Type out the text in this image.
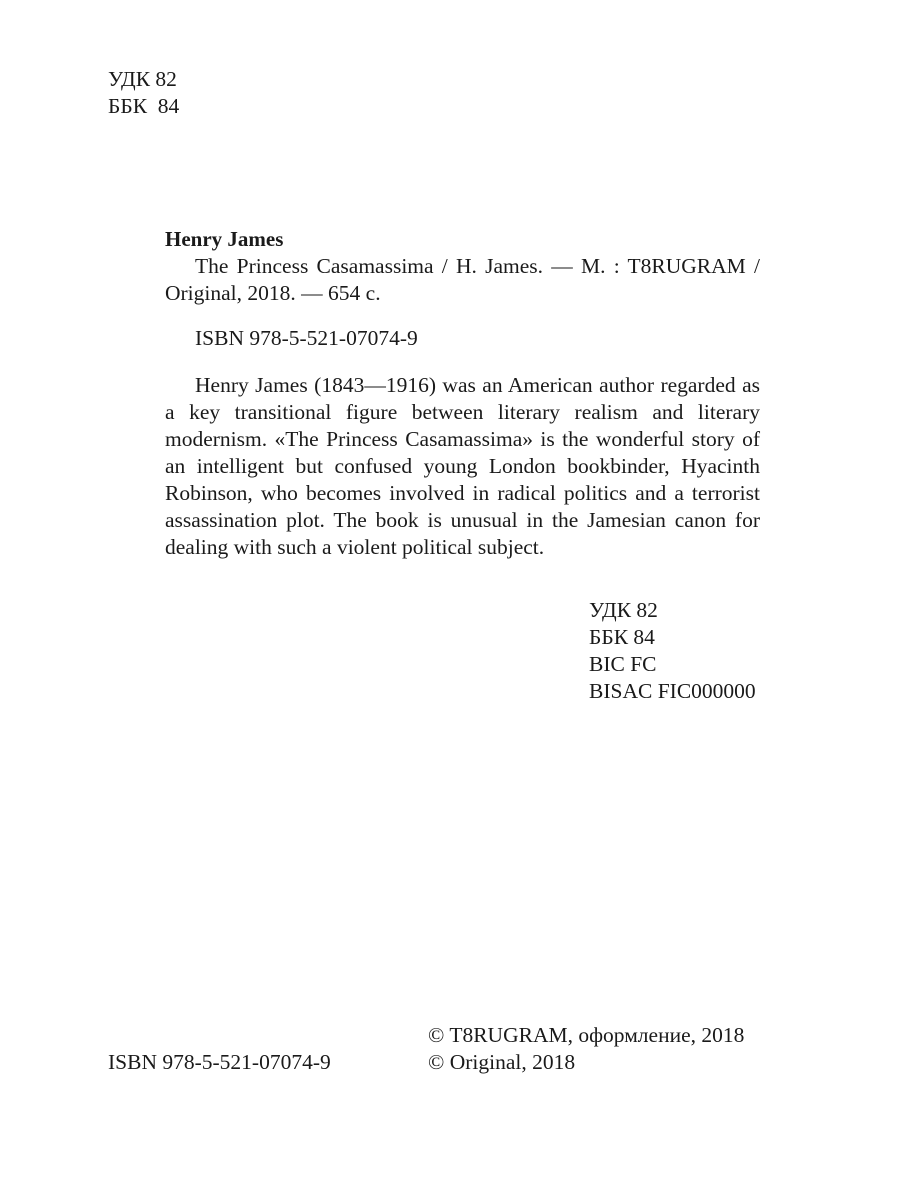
УДК 82
ББК  84
Henry James
The Princess Casamassima / H. James. — M. : T8RUGRAM / Original, 2018. — 654 c.
ISBN 978-5-521-07074-9
Henry James (1843—1916) was an American author regarded as a key transitional figure between literary realism and literary modernism. «The Princess Casamassima» is the wonderful story of an intelligent but confused young London bookbinder, Hyacinth Robinson, who becomes involved in radical politics and a terrorist assassination plot. The book is unusual in the Jamesian canon for dealing with such a violent political subject.
УДК 82
ББК 84
BIC FC
BISAC FIC000000
ISBN 978-5-521-07074-9
© T8RUGRAM, оформление, 2018
© Original, 2018
